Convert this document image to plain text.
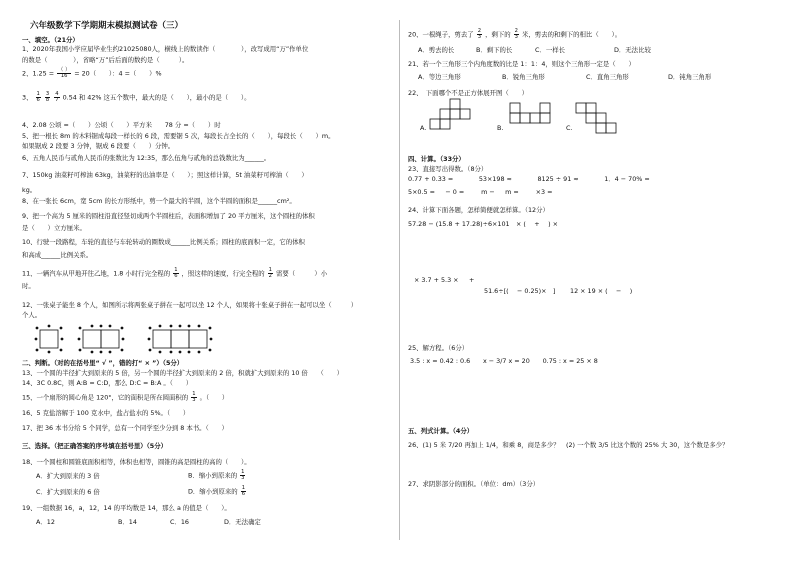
六年级数学下学期期末模拟测试卷（三）
一、填空。（21分）
1、2020年我国小学应届毕业生约21025080人，横线上的数读作（　　　　），改写成用“万”作单位
的数是（　　　　），省略“万”后后面的数约是（　　　）。
2、$1.25 = \frac{( )}{16} = 20$（　　）：4 =（　　）%
3、 $\frac{1}{6}$
$\frac{3}{8}$
$\frac{4}{7} 0.54$ 和 42% 这五个数中，最大的是（　　），最小的是（　　）。
4、2.08 公顷 =（　　）公顷（　　）平方米　　78 分 =（　　）时
5、把一根长 8m 的木料锯成每段一样长的 6 段，需要锯 5 次，每段长占全长的（　　），每段长（　　）m。
如果锯成 2 段要 3 分钟，锯成 6 段要（　　）分钟。
6、五角人民币与贰角人民币的张数比为 12:35，那么伍角与贰角的总钱数比为______。
7、150kg 油菜籽可榨油 63kg，油菜籽的出油率是（　　）；照这样计算，5t 油菜籽可榨油（　　）
kg。
8、在一张长 6cm，宽 5cm 的长方形纸中，剪一个最大的半圆，这个半圆的面积是______cm²。
9、把一个高为 5 厘米的圆柱沿直径竖切成两个半圆柱后，表面积增加了 20 平方厘米，这个圆柱的体积
是（　　）立方厘米。
10、行驶一段路程，车轮的直径与车轮转动的圈数成______比例关系；圆柱的底面积一定，它的体积
和高成______比例关系。
11、一辆汽车从甲地开往乙地，1.8 小时行完全程的 $\frac{1}{6}$ ，照这样的速度，行完全程的 $\frac{1}{2}$ 需要（　　　）小
时。
12、一张桌子能坐 8 个人，如图所示将两张桌子拼在一起可以坐 12 个人，如果将十张桌子拼在一起可以坐（　　　）
个人。
二、判断。（对的在括号里“ √ ”，错的打“ × ”）（5分）
13、一个圆的半径扩大到原来的 5 倍，另一个圆的半径扩大到原来的 2 倍，积就扩大到原来的 10 倍　　（　　）
14、3C 0.8C，则 A:B = C:D，那么 D:C = B:A 。（　　）
15、一个扇形的圆心角是 120°，它的面积是所在圆面积的 $\frac{1}{3}$ 。（　　）
16、5 克盐溶解于 100 克水中，盐占盐水的 5%。（　　）
17、把 36 本书分给 5 个同学，总有一个同学至少分到 8 本书。（　　）
三、选择。（把正确答案的序号填在括号里）（5分）
18、一个圆柱和圆锥底面积相等，体积也相等，圆锥的高是圆柱的高的（　　）。
A．扩大到原来的 3 倍	B．缩小到原来的 $\frac{1}{3}$
C．扩大到原来的 6 倍	D．缩小到原来的 $\frac{1}{6}$
19、一组数据 16，a，12，14 的平均数是 14，那么 a 的值是（　　）。
A．12	B．14	C．16	D．无法确定
20、一根绳子，剪去了 $\frac{2}{3}$ ，剩下的 $\frac{2}{3}$ 米，剪去的和剩下的相比（　　）。
A．剪去的长	B．剩下的长	C．一样长	D．无法比较
21、若一个三角形三个内角度数的比是 1：1：4，则这个三角形一定是（　　）
A．等边三角形	B．锐角三角形	C．直角三角形	D．钝角三角形
22、　下面哪个不是正方体展开图（　　）
A.	B.	C.
四、计算。（33分）
23、直接写出得数。（8分）
0.77 + 0.33 =　　　　53×198 ≈　　　　8125 ÷ 91 ≈　　　　1．4 − 70% =
5×0.5 = 　 − 0 = 　　 m − 　 m = 　　 ×3 =
24、计算下面各题，怎样简便就怎样算。（12分）
57.28 − (15.8 + 17.28)÷6×101 × (　 + 　) ×
× 3.7 + 5.3 × 　 + 　
51.6÷[(　 − 0.25)×　] 12 × 19 × (　 − 　)
25、解方程。（6分）
3.5 : x = 0.42 : 0.6　　x − 3/7 x = 20　　0.75 : x = 25 × 8
五、列式计算。（4分）
26、(1) 5 米 7/20 再加上 1/4，和乘 8，商是多少？　(2) 一个数 3/5 比这个数的 25% 大 30，这个数是多少？
27、求阴影部分的面积。（单位：dm）（3分）
